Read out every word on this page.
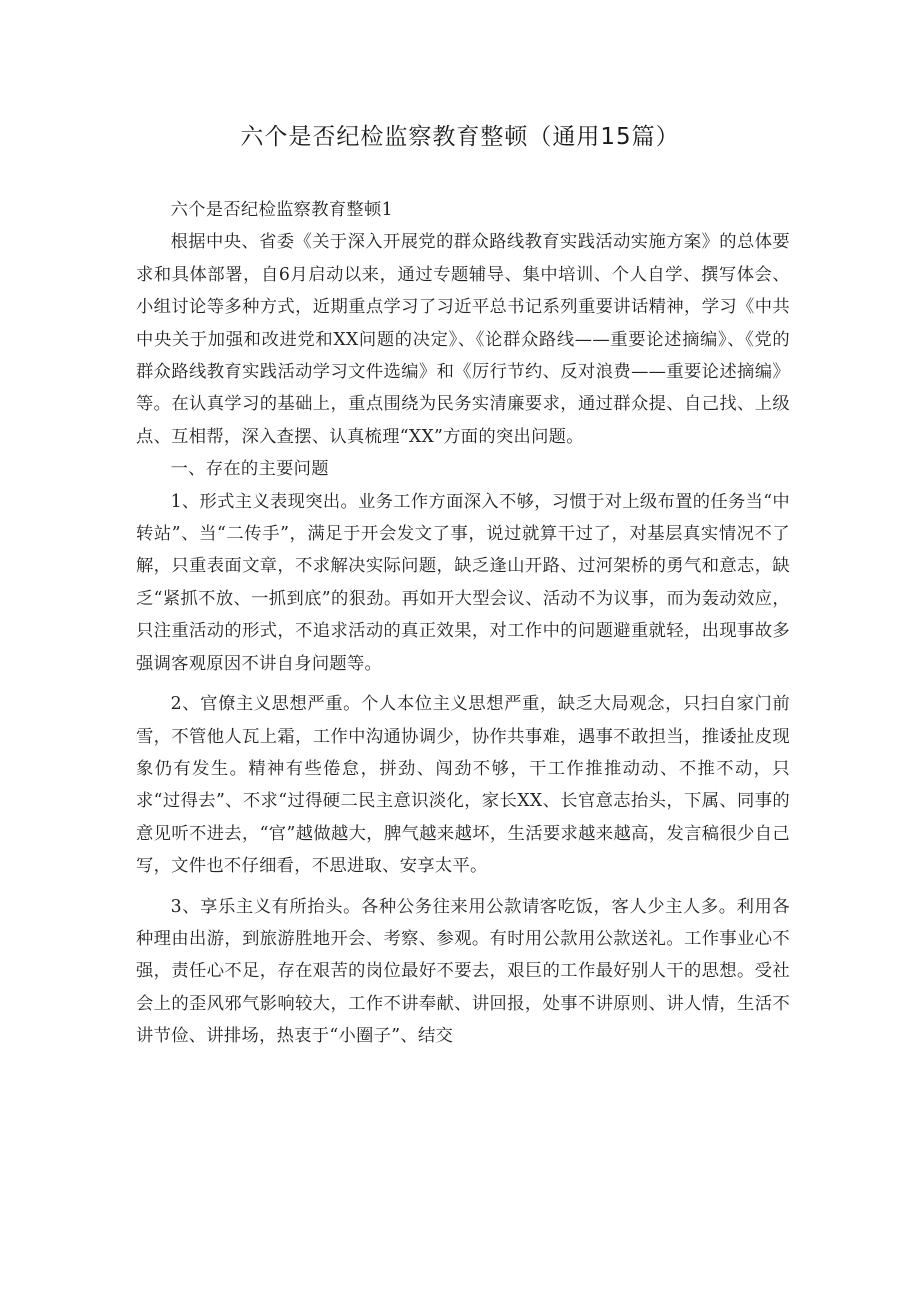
六个是否纪检监察教育整顿（通用15篇）

六个是否纪检监察教育整顿1

根据中央、省委《关于深入开展党的群众路线教育实践活动实施方案》的总体要求和具体部署，自6月启动以来，通过专题辅导、集中培训、个人自学、撰写体会、小组讨论等多种方式，近期重点学习了习近平总书记系列重要讲话精神，学习《中共中央关于加强和改进党和XX问题的决定》、《论群众路线——重要论述摘编》、《党的群众路线教育实践活动学习文件选编》和《厉行节约、反对浪费——重要论述摘编》等。在认真学习的基础上，重点围绕为民务实清廉要求，通过群众提、自己找、上级点、互相帮，深入查摆、认真梳理“XX”方面的突出问题。

一、存在的主要问题

1、形式主义表现突出。业务工作方面深入不够，习惯于对上级布置的任务当“中转站”、当“二传手”，满足于开会发文了事，说过就算干过了，对基层真实情况不了解，只重表面文章，不求解决实际问题，缺乏逢山开路、过河架桥的勇气和意志，缺乏“紧抓不放、一抓到底”的狠劲。再如开大型会议、活动不为议事，而为轰动效应，只注重活动的形式，不追求活动的真正效果，对工作中的问题避重就轻，出现事故多强调客观原因不讲自身问题等。

2、官僚主义思想严重。个人本位主义思想严重，缺乏大局观念，只扫自家门前雪，不管他人瓦上霜，工作中沟通协调少，协作共事难，遇事不敢担当，推诿扯皮现象仍有发生。精神有些倦怠，拼劲、闯劲不够，干工作推推动动、不推不动，只求“过得去”、不求“过得硬二民主意识淡化，家长XX、长官意志抬头，下属、同事的意见听不进去，“官”越做越大，脾气越来越坏，生活要求越来越高，发言稿很少自己写，文件也不仔细看，不思进取、安享太平。

3、享乐主义有所抬头。各种公务往来用公款请客吃饭，客人少主人多。利用各种理由出游，到旅游胜地开会、考察、参观。有时用公款用公款送礼。工作事业心不强，责任心不足，存在艰苦的岗位最好不要去，艰巨的工作最好别人干的思想。受社会上的歪风邪气影响较大，工作不讲奉献、讲回报，处事不讲原则、讲人情，生活不讲节俭、讲排场，热衷于“小圈子”、结交
